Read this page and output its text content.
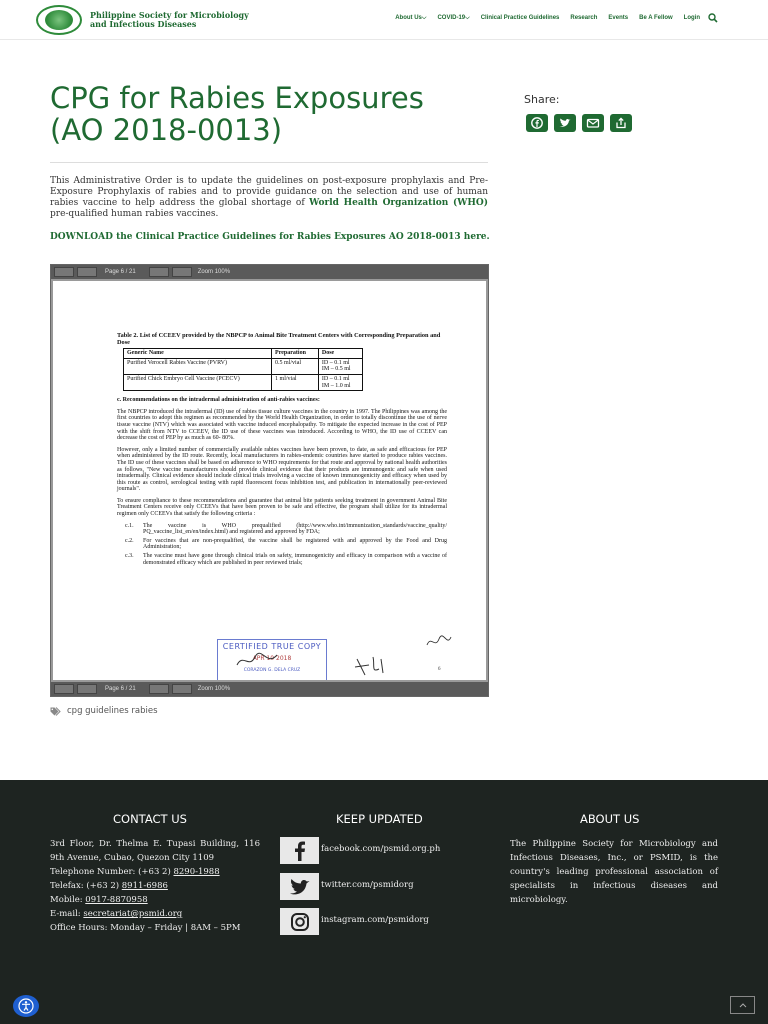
Philippine Society for Microbiology
and Infectious Diseases
About Us⌵ COVID-19⌵ Clinical Practice Guidelines Research Events Be A Fellow Login
CPG for Rabies Exposures
(AO 2018-0013)
Share:

This Administrative Order is to update the guidelines on post-exposure prophylaxis and Pre-Exposure Prophylaxis of rabies and to provide guidance on the selection and use of human rabies vaccine to help address the global shortage of World Health Organization (WHO) pre-qualified human rabies vaccines.

DOWNLOAD the Clinical Practice Guidelines for Rabies Exposures AO 2018-0013 here.
Page 6 / 21	Zoom 100%
Table 2. List of CCEEV provided by the NBPCP to Animal Bite Treatment Centers with Corresponding Preparation and Dose
Generic Name	Preparation	Dose
Purified Verocell Rabies Vaccine (PVRV)	0.5 ml/vial	ID – 0.1 ml
IM – 0.5 ml
Purified Chick Embryo Cell Vaccine (PCECV)	1 ml/vial	ID – 0.1 ml
IM – 1.0 ml
c. Recommendations on the intradermal administration of anti-rabies vaccines:

The NBPCP introduced the intradermal (ID) use of rabies tissue culture vaccines in the country in 1997. The Philippines was among the first countries to adopt this regimen as recommended by the World Health Organization, in order to totally discontinue the use of nerve tissue vaccine (NTV) which was associated with vaccine induced encephalopathy. To mitigate the expected increase in the cost of PEP with the shift from NTV to CCEEV, the ID use of these vaccines was introduced. According to WHO, the ID use of CCEEV can decrease the cost of PEP by as much as 60- 80%.

However, only a limited number of commercially available rabies vaccines have been proven, to date, as safe and efficacious for PEP when administered by the ID route. Recently, local manufacturers in rabies-endemic countries have started to produce rabies vaccines. The ID use of these vaccines shall be based on adherence to WHO requirements for that route and approval by national health authorities as follows, "New vaccine manufacturers should provide clinical evidence that their products are immunogenic and safe when used intradermally. Clinical evidence should include clinical trials involving a vaccine of known immunogenicity and efficacy when used by this route as control, serological testing with rapid fluorescent focus inhibition test, and publication in internationally peer-reviewed journals".

To ensure compliance to these recommendations and guarantee that animal bite patients seeking treatment in government Animal Bite Treatment Centers receive only CCEEVs that have been proven to be safe and effective, the program shall utilize for its intradermal regimen only CCEEVs that satisfy the following criteria :

c.1.	The vaccine is WHO prequalified (http://www.who.int/immunization_standards/vaccine_quality/ PQ_vaccine_list_en/en/index.html) and registered and approved by FDA;
c.2.	For vaccines that are non-prequalified, the vaccine shall be registered with and approved by the Food and Drug Administration;
c.3.	The vaccine must have gone through clinical trials on safety, immunogenicity and efficacy in comparison with a vaccine of demonstrated efficacy which are published in peer reviewed trials;
CERTIFIED TRUE COPY
APR 10 2018
CORAZON G. DELA CRUZ	6
Page 6 / 21	Zoom 100%
cpg guidelines rabies
CONTACT US
3rd Floor, Dr. Thelma E. Tupasi Building, 116 9th Avenue, Cubao, Quezon City 1109
Telephone Number: (+63 2) 8290-1988
Telefax: (+63 2) 8911-6986
Mobile: 0917-8870958
E-mail: secretariat@psmid.org
Office Hours: Monday – Friday | 8AM – 5PM
KEEP UPDATED
facebook.com/psmid.org.ph
twitter.com/psmidorg
instagram.com/psmidorg
ABOUT US
The Philippine Society for Microbiology and Infectious Diseases, Inc., or PSMID, is the country's leading professional association of specialists in infectious diseases and microbiology.
